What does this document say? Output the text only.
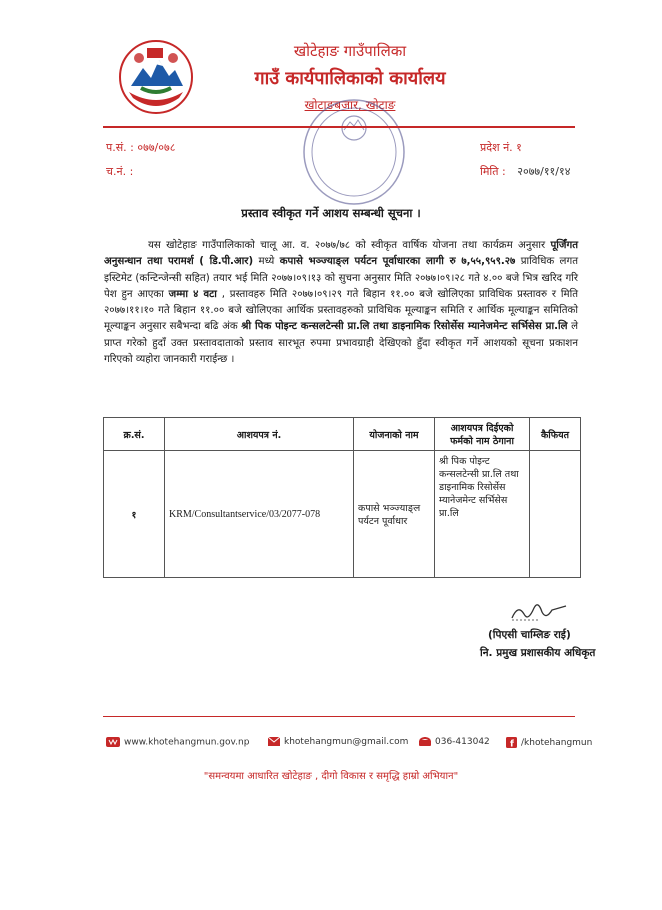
खोटेहाङ गाउँपालिका
गाउँ कार्यपालिकाको कार्यालय
खोटाङबजार, खोटाङ
प.सं. : ०७७/०७८
च.नं. :
प्रदेश नं. १
मिति : २०७७/११/१४
प्रस्ताव स्वीकृत गर्ने आशय सम्बन्धी सूचना ।
यस खोटेहाङ गाउँपालिकाको चालू आ. व. २०७७/७८ को स्वीकृत वार्षिक योजना तथा कार्यक्रम अनुसार पूजिँगत अनुसन्धान तथा परामर्श ( डि.पी.आर) मध्ये कपासे भञ्ज्याङ्ल पर्यटन पूर्वाधारका लागी रु ७,५५,९५९.२७ प्राविधिक लगत इस्टिमेट (कन्टिन्जेन्सी सहित) तयार भई मिति २०७७।०९।१३ को सुचना अनुसार मिति २०७७।०९।२८ गते ४.०० बजे भित्र खरिद गरि पेश हुन आएका जम्मा ४ वटा , प्रस्तावहरु मिति २०७७।०९।२९ गते बिहान ११.०० बजे खोलिएका प्राविधिक प्रस्तावरु र मिति २०७७।११।१० गते बिहान ११.०० बजे खोलिएका आर्थिक प्रस्तावहरुको प्राविधिक मूल्याङ्कन समिति र आर्थिक मूल्याङ्कन समितिको मूल्याङ्कन अनुसार सबैभन्दा बढि अंक श्री पिक पोइन्ट कन्सलटेन्सी प्रा.लि तथा डाइनामिक रिसोर्सेस म्यानेजमेन्ट सर्भिसेस प्रा.लि ले प्राप्त गरेको हुदाँ उक्त प्रस्तावदाताको प्रस्ताव सारभूत रुपमा प्रभावग्राही देखिएको हुँदा स्वीकृत गर्ने आशयको सूचना प्रकाशन गरिएको व्यहोरा जानकारी गराईन्छ ।
क्र.सं.	आशयपत्र नं.	योजनाको नाम	आशयपत्र दिईएको फर्मको नाम ठेगाना	कैफियत
१	KRM/Consultantservice/03/2077-078	कपासे भञ्ज्याङ्ल पर्यटन पूर्वाधार	श्री पिक पोइन्ट कन्सलटेन्सी प्रा.लि तथा डाइनामिक रिसोर्सेस म्यानेजमेन्ट सर्भिसेस प्रा.लि	
(पिएसी चाम्लिङ राई)
नि. प्रमुख प्रशासकीय अधिकृत
www.khotehangmun.gov.np	khotehangmun@gmail.com	036-413042 f /khotehangmun
"समन्वयमा आधारित खोटेहाङ , दीगो विकास र समृद्धि हाम्रो अभियान"
